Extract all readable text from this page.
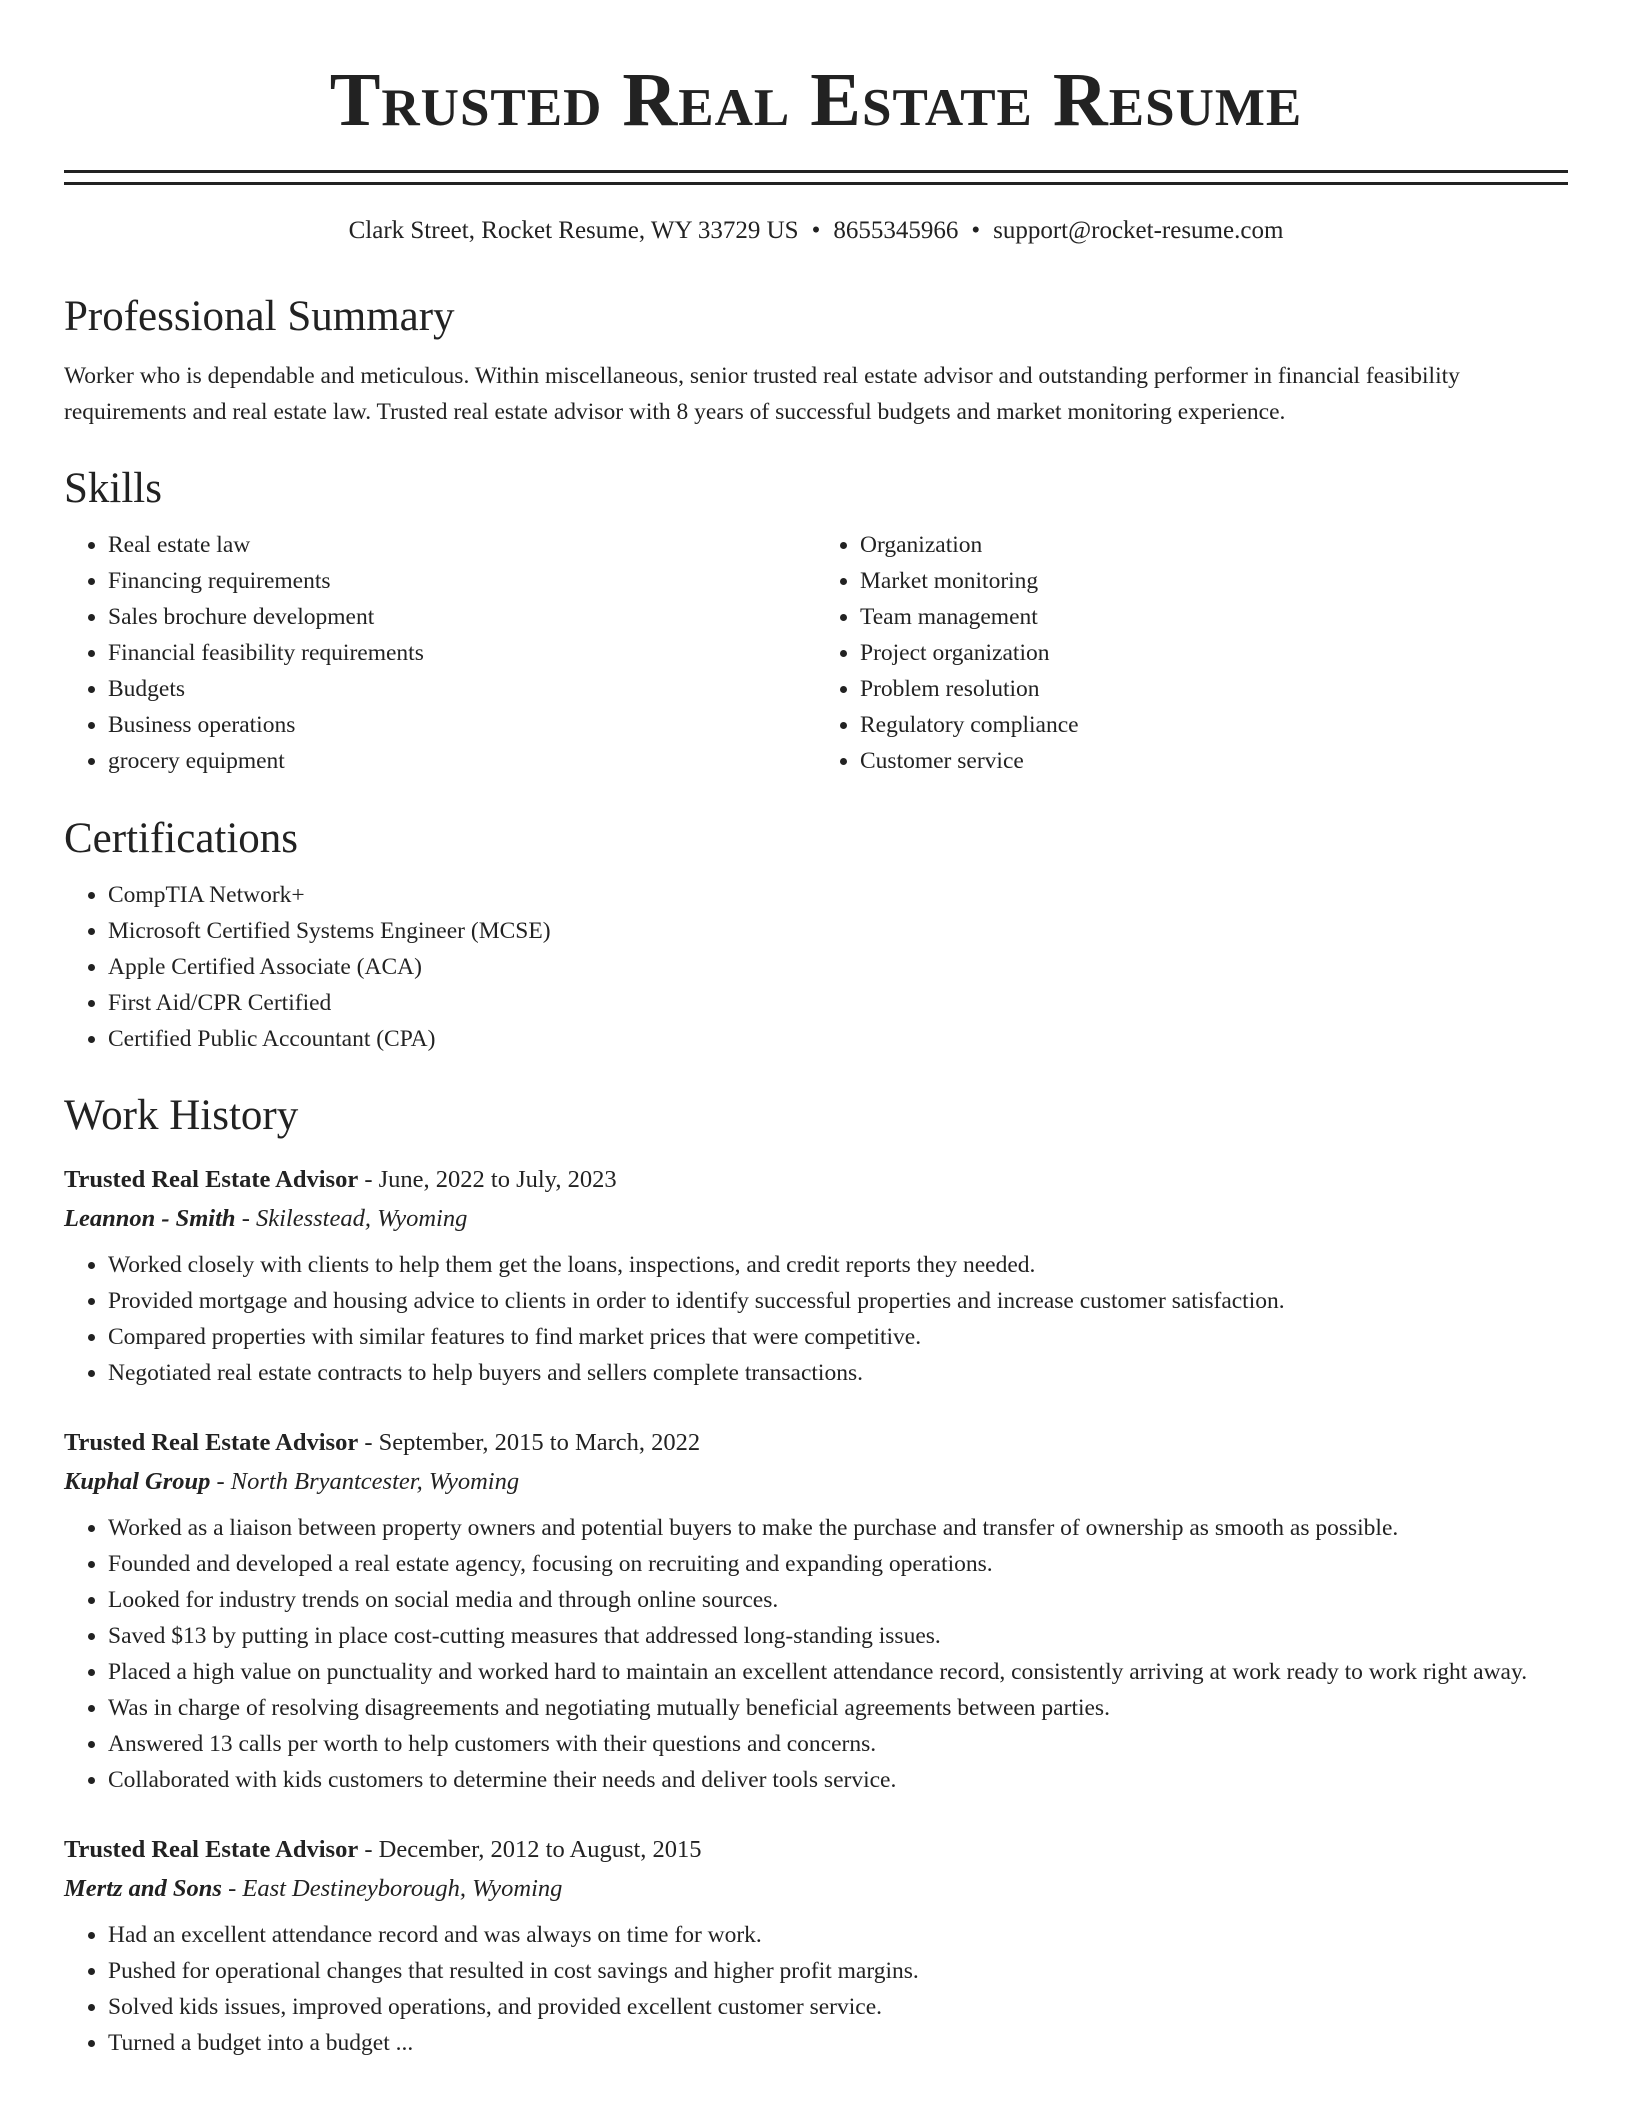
Trusted Real Estate Resume
Clark Street, Rocket Resume, WY 33729 US • 8655345966 • support@rocket-resume.com
Professional Summary

Worker who is dependable and meticulous. Within miscellaneous, senior trusted real estate advisor and outstanding performer in financial feasibility requirements and real estate law. Trusted real estate advisor with 8 years of successful budgets and market monitoring experience.

Skills
• Real estate law
• Financing requirements
• Sales brochure development
• Financial feasibility requirements
• Budgets
• Business operations
• grocery equipment
• Organization
• Market monitoring
• Team management
• Project organization
• Problem resolution
• Regulatory compliance
• Customer service
Certifications
• CompTIA Network+
• Microsoft Certified Systems Engineer (MCSE)
• Apple Certified Associate (ACA)
• First Aid/CPR Certified
• Certified Public Accountant (CPA)
Work History
Trusted Real Estate Advisor - June, 2022 to July, 2023
Leannon - Smith - Skilesstead, Wyoming
• Worked closely with clients to help them get the loans, inspections, and credit reports they needed.
• Provided mortgage and housing advice to clients in order to identify successful properties and increase customer satisfaction.
• Compared properties with similar features to find market prices that were competitive.
• Negotiated real estate contracts to help buyers and sellers complete transactions.
Trusted Real Estate Advisor - September, 2015 to March, 2022
Kuphal Group - North Bryantcester, Wyoming
• Worked as a liaison between property owners and potential buyers to make the purchase and transfer of ownership as smooth as possible.
• Founded and developed a real estate agency, focusing on recruiting and expanding operations.
• Looked for industry trends on social media and through online sources.
• Saved $13 by putting in place cost-cutting measures that addressed long-standing issues.
• Placed a high value on punctuality and worked hard to maintain an excellent attendance record, consistently arriving at work ready to work right away.
• Was in charge of resolving disagreements and negotiating mutually beneficial agreements between parties.
• Answered 13 calls per worth to help customers with their questions and concerns.
• Collaborated with kids customers to determine their needs and deliver tools service.
Trusted Real Estate Advisor - December, 2012 to August, 2015
Mertz and Sons - East Destineyborough, Wyoming
• Had an excellent attendance record and was always on time for work.
• Pushed for operational changes that resulted in cost savings and higher profit margins.
• Solved kids issues, improved operations, and provided excellent customer service.
• Turned a budget into a budget ...
